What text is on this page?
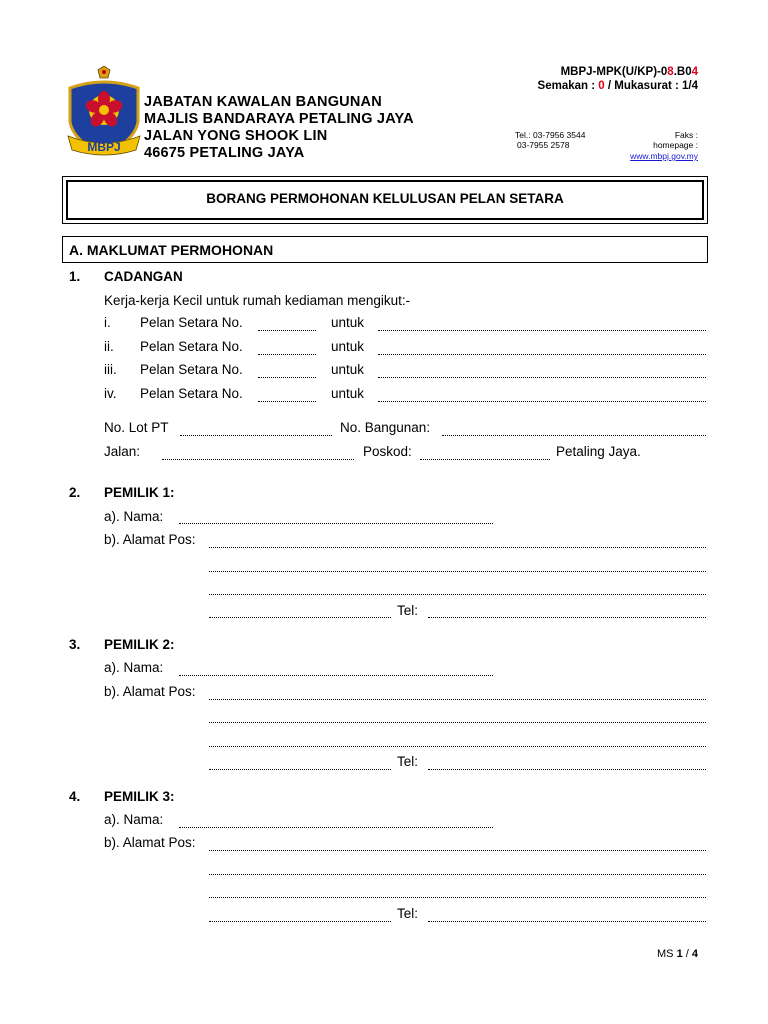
MBPJ
JABATAN KAWALAN BANGUNAN
MAJLIS BANDARAYA PETALING JAYA
JALAN YONG SHOOK LIN
46675 PETALING JAYA
MBPJ-MPK(U/KP)-08.B04
Semakan : 0 / Mukasurat : 1/4
Tel.: 03-7956 3544
03-7955 2578
Faks :
homepage :
www.mbpj.gov.my
BORANG PERMOHONAN KELULUSAN PELAN SETARA
A. MAKLUMAT PERMOHONAN
1. CADANGAN
Kerja-kerja Kecil untuk rumah kediaman mengikut:-
i. Pelan Setara No.	untuk
ii. Pelan Setara No.	untuk
iii. Pelan Setara No.	untuk
iv. Pelan Setara No.	untuk
No. Lot PT	No. Bangunan:
Jalan:	Poskod:	Petaling Jaya.
2. PEMILIK 1:
a). Nama:
b). Alamat Pos:
Tel:
3. PEMILIK 2:
a). Nama:
b). Alamat Pos:
Tel:
4. PEMILIK 3:
a). Nama:
b). Alamat Pos:
Tel:
MS 1 / 4
